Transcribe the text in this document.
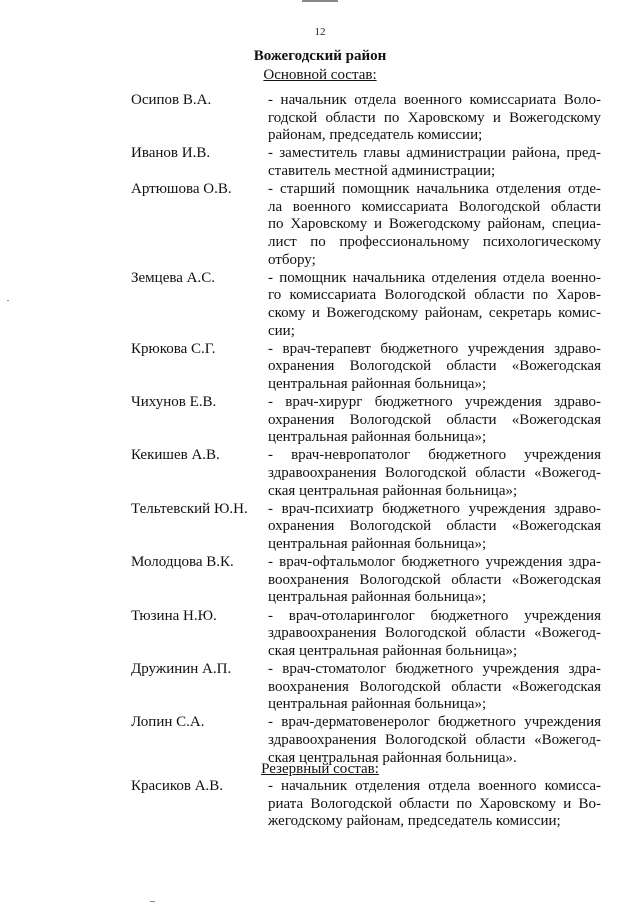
12
Вожегодский район
Основной состав:
Осипов В.А.	- начальник отдела военного комиссариата Воло-
годской области по Харовскому и Вожегодскому
районам, председатель комиссии;
Иванов И.В.	- заместитель главы администрации района, пред-
ставитель местной администрации;
Артюшова О.В.	- старший помощник начальника отделения отде-
ла военного комиссариата Вологодской области
по Харовскому и Вожегодскому районам, специа-
лист по профессиональному психологическому
отбору;
Земцева А.С.	- помощник начальника отделения отдела военно-
го комиссариата Вологодской области по Харов-
скому и Вожегодскому районам, секретарь комис-
сии;
Крюкова С.Г.	- врач-терапевт бюджетного учреждения здраво-
охранения Вологодской области «Вожегодская
центральная районная больница»;
Чихунов Е.В.	- врач-хирург бюджетного учреждения здраво-
охранения Вологодской области «Вожегодская
центральная районная больница»;
Кекишев А.В.	- врач-невропатолог бюджетного учреждения
здравоохранения Вологодской области «Вожегод-
ская центральная районная больница»;
Тельтевский Ю.Н.	- врач-психиатр бюджетного учреждения здраво-
охранения Вологодской области «Вожегодская
центральная районная больница»;
Молодцова В.К.	- врач-офтальмолог бюджетного учреждения здра-
воохранения Вологодской области «Вожегодская
центральная районная больница»;
Тюзина Н.Ю.	- врач-отоларинголог бюджетного учреждения
здравоохранения Вологодской области «Вожегод-
ская центральная районная больница»;
Дружинин А.П.	- врач-стоматолог бюджетного учреждения здра-
воохранения Вологодской области «Вожегодская
центральная районная больница»;
Лопин С.А.	- врач-дерматовенеролог бюджетного учреждения
здравоохранения Вологодской области «Вожегод-
ская центральная районная больница».
Резервный состав:
Красиков А.В.	- начальник отделения отдела военного комисса-
риата Вологодской области по Харовскому и Во-
жегодскому районам, председатель комиссии;
